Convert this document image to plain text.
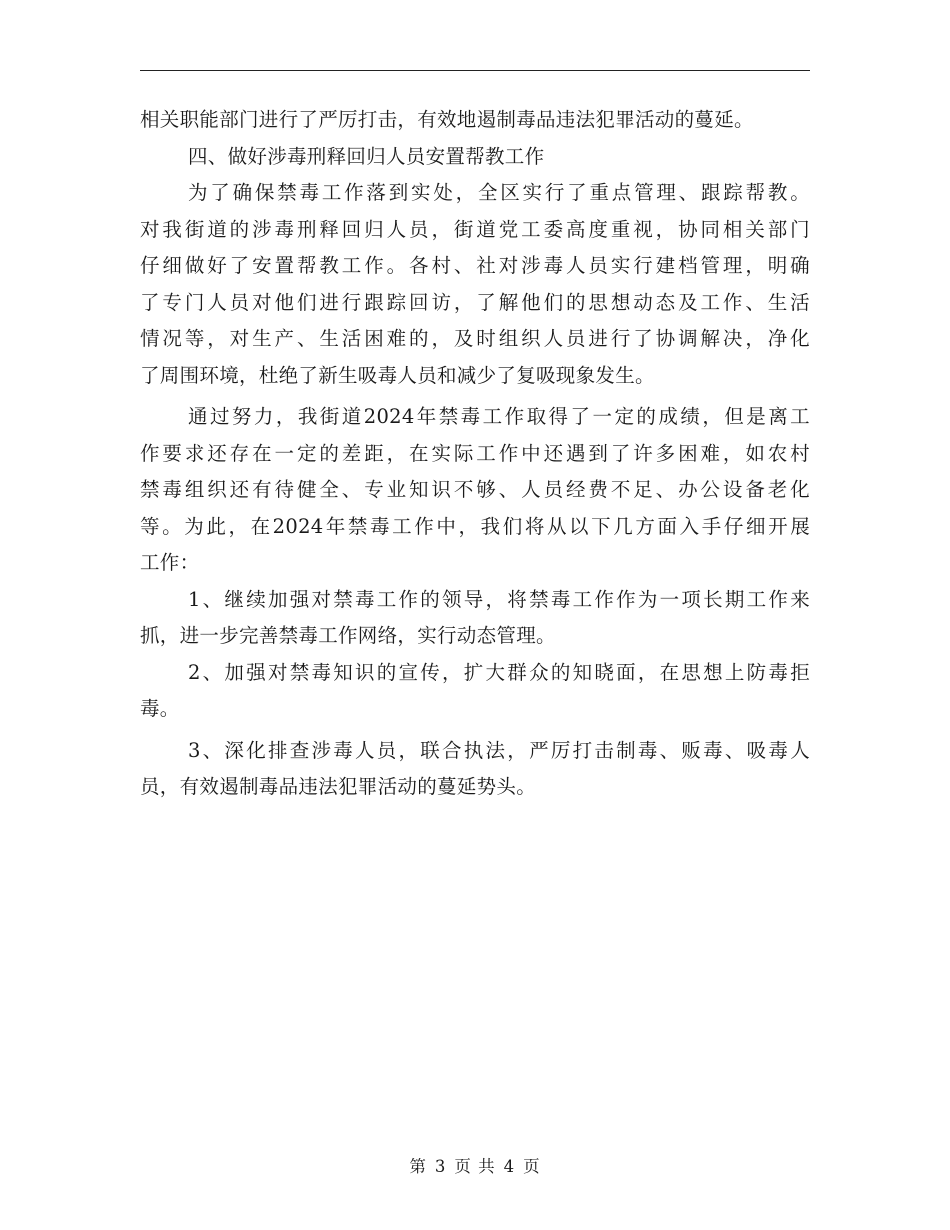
相关职能部门进行了严厉打击，有效地遏制毒品违法犯罪活动的蔓延。
四、做好涉毒刑释回归人员安置帮教工作
为了确保禁毒工作落到实处，全区实行了重点管理、跟踪帮教。
对我街道的涉毒刑释回归人员，街道党工委高度重视，协同相关部门
仔细做好了安置帮教工作。各村、社对涉毒人员实行建档管理，明确
了专门人员对他们进行跟踪回访，了解他们的思想动态及工作、生活
情况等，对生产、生活困难的，及时组织人员进行了协调解决，净化
了周围环境，杜绝了新生吸毒人员和减少了复吸现象发生。
通过努力，我街道2024年禁毒工作取得了一定的成绩，但是离工
作要求还存在一定的差距，在实际工作中还遇到了许多困难，如农村
禁毒组织还有待健全、专业知识不够、人员经费不足、办公设备老化
等。为此，在2024年禁毒工作中，我们将从以下几方面入手仔细开展
工作：
1、继续加强对禁毒工作的领导，将禁毒工作作为一项长期工作来
抓，进一步完善禁毒工作网络，实行动态管理。
2、加强对禁毒知识的宣传，扩大群众的知晓面，在思想上防毒拒
毒。
3、深化排查涉毒人员，联合执法，严厉打击制毒、贩毒、吸毒人
员，有效遏制毒品违法犯罪活动的蔓延势头。
第 3 页 共 4 页
